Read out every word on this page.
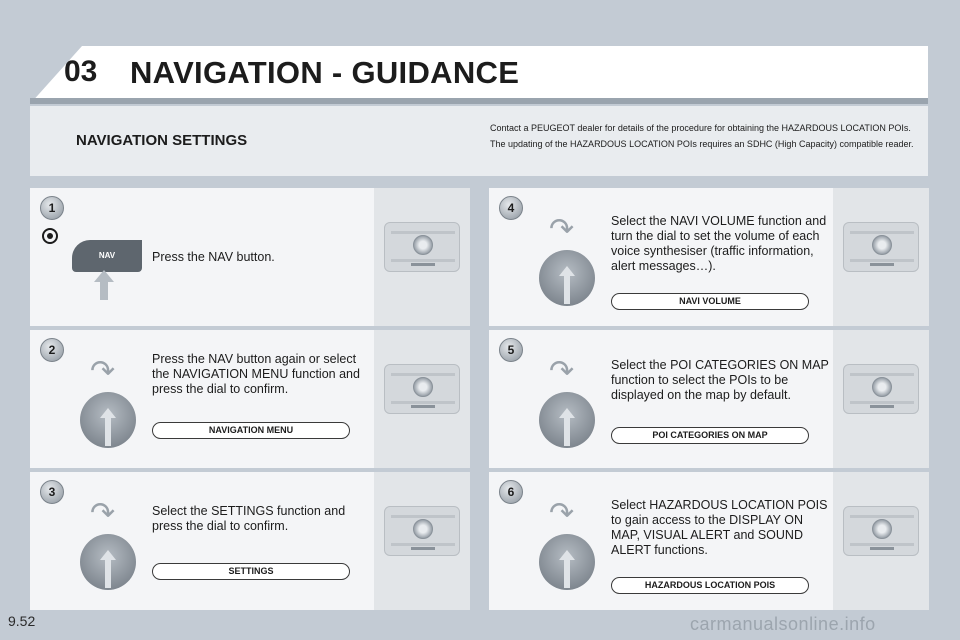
03 NAVIGATION - GUIDANCE
NAVIGATION SETTINGS
Contact a PEUGEOT dealer for details of the procedure for obtaining the HAZARDOUS LOCATION POIs. The updating of the HAZARDOUS LOCATION POIs requires an SDHC (High Capacity) compatible reader.
1
NAV	Press the NAV button.
2
↷	Press the NAV button again or select the NAVIGATION MENU function and press the dial to confirm.
NAVIGATION MENU
3
↷	Select the SETTINGS function and press the dial to confirm.
SETTINGS
4
↷	Select the NAVI VOLUME function and turn the dial to set the volume of each voice synthesiser (traffic information, alert messages…).
NAVI VOLUME
5
↷	Select the POI CATEGORIES ON MAP function to select the POIs to be displayed on the map by default.
POI CATEGORIES ON MAP
6
↷	Select HAZARDOUS LOCATION POIS to gain access to the DISPLAY ON MAP, VISUAL ALERT and SOUND ALERT functions.
HAZARDOUS LOCATION POIS
9.52	carmanualsonline.info
